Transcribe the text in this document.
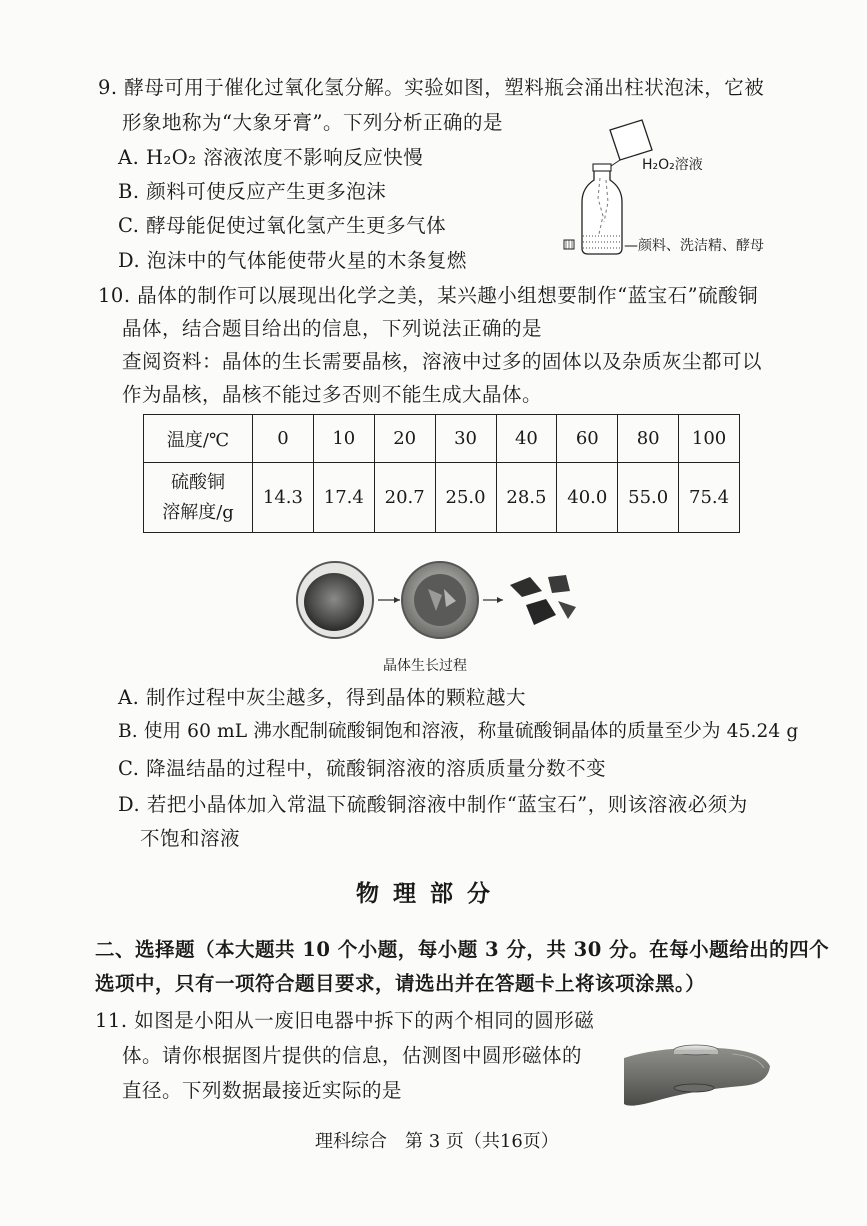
9. 酵母可用于催化过氧化氢分解。实验如图，塑料瓶会涌出柱状泡沫，它被
形象地称为“大象牙膏”。下列分析正确的是
A. H₂O₂ 溶液浓度不影响反应快慢
B. 颜料可使反应产生更多泡沫
C. 酵母能促使过氧化氢产生更多气体
D. 泡沫中的气体能使带火星的木条复燃
H₂O₂溶液
—颜料、洗洁精、酵母
10. 晶体的制作可以展现出化学之美，某兴趣小组想要制作“蓝宝石”硫酸铜
晶体，结合题目给出的信息，下列说法正确的是
查阅资料：晶体的生长需要晶核，溶液中过多的固体以及杂质灰尘都可以
作为晶核，晶核不能过多否则不能生成大晶体。
温度/℃	0	10	20	30	40	60	80	100
硫酸铜
溶解度/g	14.3	17.4	20.7	25.0	28.5	40.0	55.0	75.4
晶体生长过程
A. 制作过程中灰尘越多，得到晶体的颗粒越大
B. 使用 60 mL 沸水配制硫酸铜饱和溶液，称量硫酸铜晶体的质量至少为 45.24 g
C. 降温结晶的过程中，硫酸铜溶液的溶质质量分数不变
D. 若把小晶体加入常温下硫酸铜溶液中制作“蓝宝石”，则该溶液必须为
不饱和溶液
物理部分
二、选择题（本大题共 10 个小题，每小题 3 分，共 30 分。在每小题给出的四个
选项中，只有一项符合题目要求，请选出并在答题卡上将该项涂黑。）
11. 如图是小阳从一废旧电器中拆下的两个相同的圆形磁
体。请你根据图片提供的信息，估测图中圆形磁体的
直径。下列数据最接近实际的是
理科综合　第 3 页（共16页）
